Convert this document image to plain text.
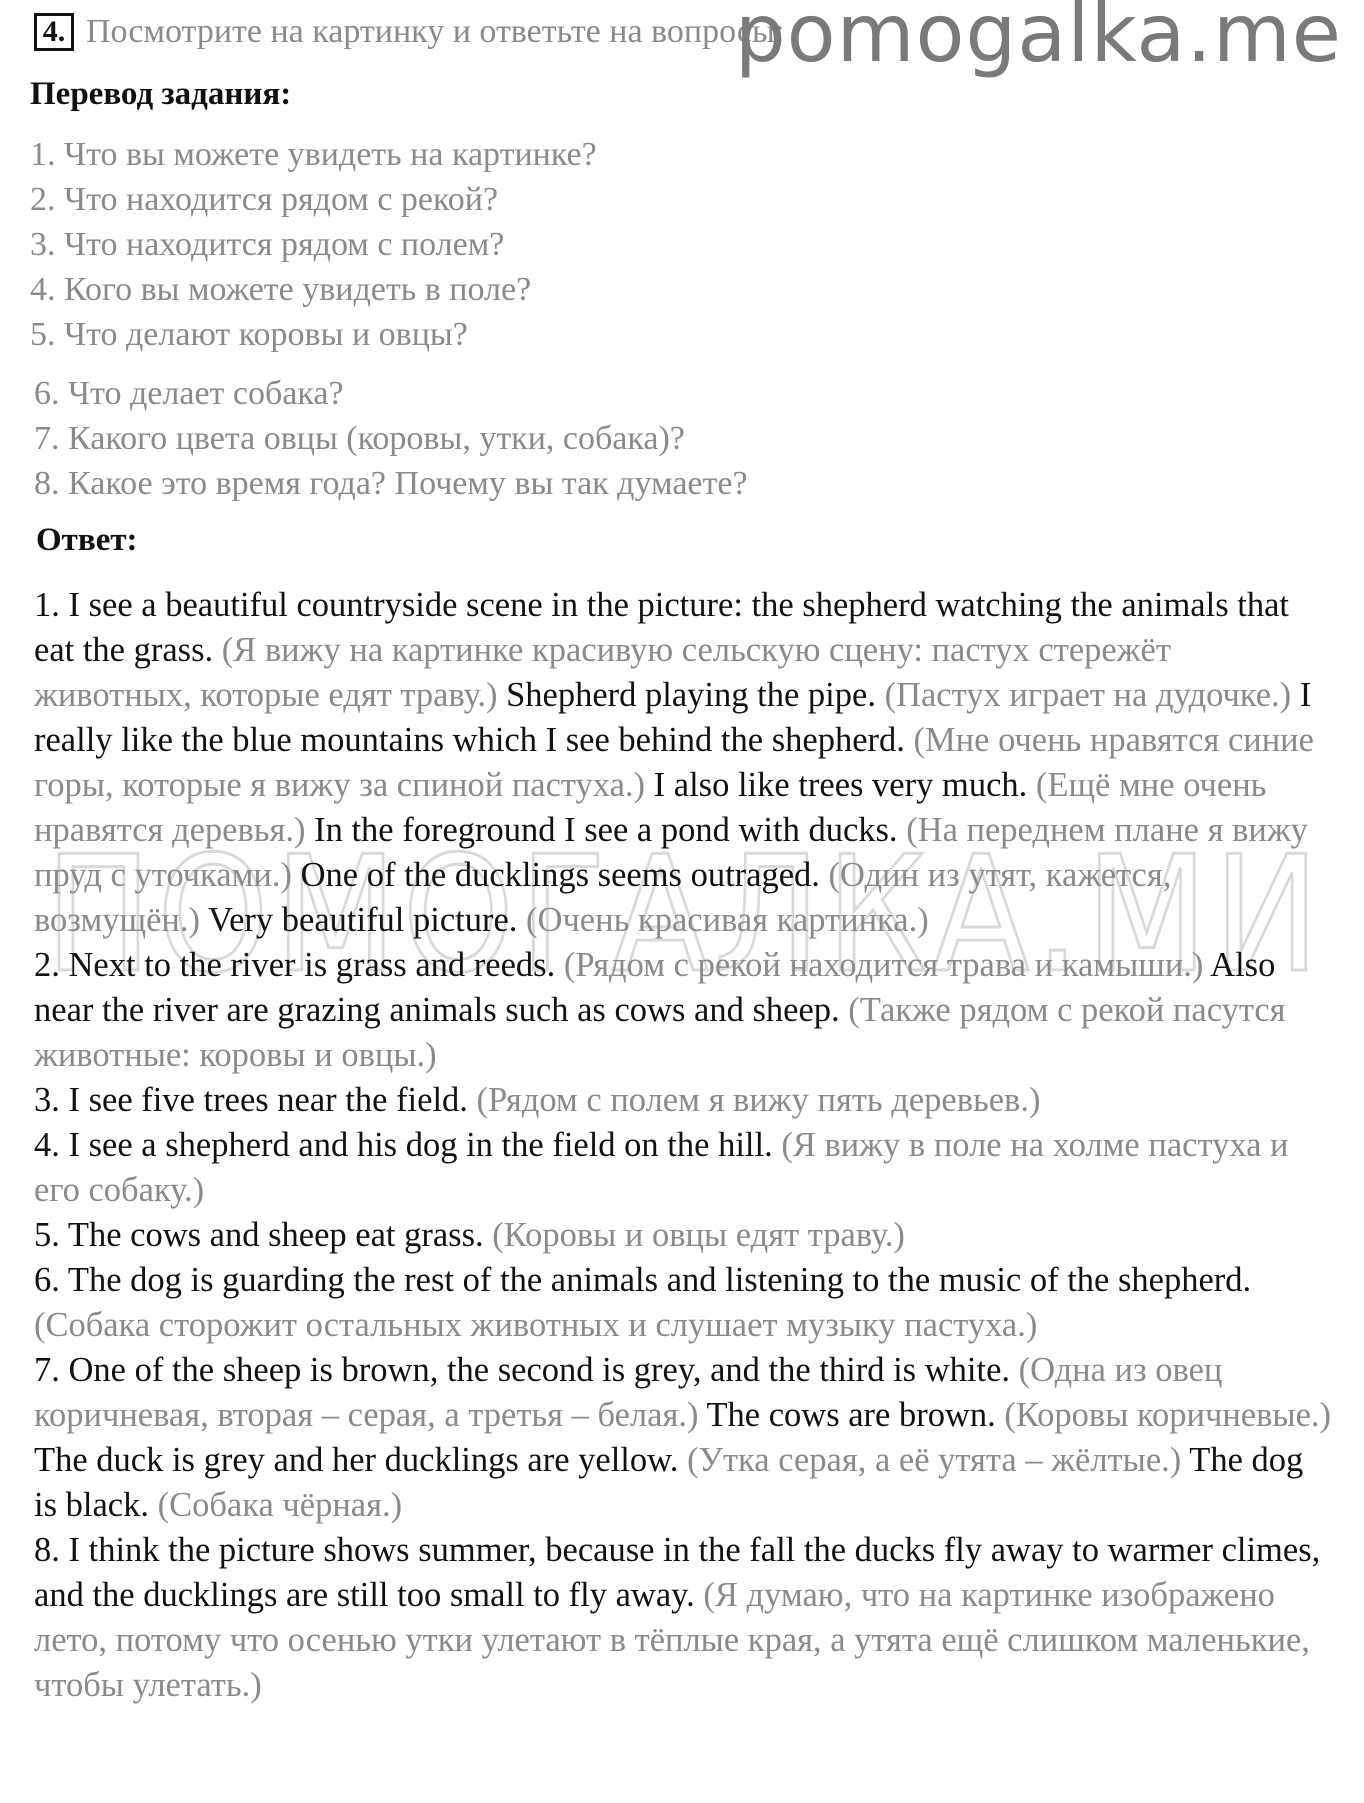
4. Посмотрите на картинку и ответьте на вопросы:
pomogalka.me
ПОМОГАЛКА.МИ
Перевод задания:
1. Что вы можете увидеть на картинке?
2. Что находится рядом с рекой?
3. Что находится рядом с полем?
4. Кого вы можете увидеть в поле?
5. Что делают коровы и овцы?
6. Что делает собака?
7. Какого цвета овцы (коровы, утки, собака)?
8. Какое это время года? Почему вы так думаете?
Ответ:

1. I see a beautiful countryside scene in the picture: the shepherd watching the animals that eat the grass. (Я вижу на картинке красивую сельскую сцену: пастух стережёт животных, которые едят траву.) Shepherd playing the pipe. (Пастух играет на дудочке.) I really like the blue mountains which I see behind the shepherd. (Мне очень нравятся синие горы, которые я вижу за спиной пастуха.) I also like trees very much. (Ещё мне очень нравятся деревья.) In the foreground I see a pond with ducks. (На переднем плане я вижу пруд с уточками.) One of the ducklings seems outraged. (Один из утят, кажется, возмущён.) Very beautiful picture. (Очень красивая картинка.)

2. Next to the river is grass and reeds. (Рядом с рекой находится трава и камыши.) Also near the river are grazing animals such as cows and sheep. (Также рядом с рекой пасутся животные: коровы и овцы.)

3. I see five trees near the field. (Рядом с полем я вижу пять деревьев.)

4. I see a shepherd and his dog in the field on the hill. (Я вижу в поле на холме пастуха и его собаку.)

5. The cows and sheep eat grass. (Коровы и овцы едят траву.)

6. The dog is guarding the rest of the animals and listening to the music of the shepherd. (Собака сторожит остальных животных и слушает музыку пастуха.)

7. One of the sheep is brown, the second is grey, and the third is white. (Одна из овец коричневая, вторая – серая, а третья – белая.) The cows are brown. (Коровы коричневые.) The duck is grey and her ducklings are yellow. (Утка серая, а её утята – жёлтые.) The dog is black. (Собака чёрная.)

8. I think the picture shows summer, because in the fall the ducks fly away to warmer climes, and the ducklings are still too small to fly away. (Я думаю, что на картинке изображено лето, потому что осенью утки улетают в тёплые края, а утята ещё слишком маленькие, чтобы улетать.)
